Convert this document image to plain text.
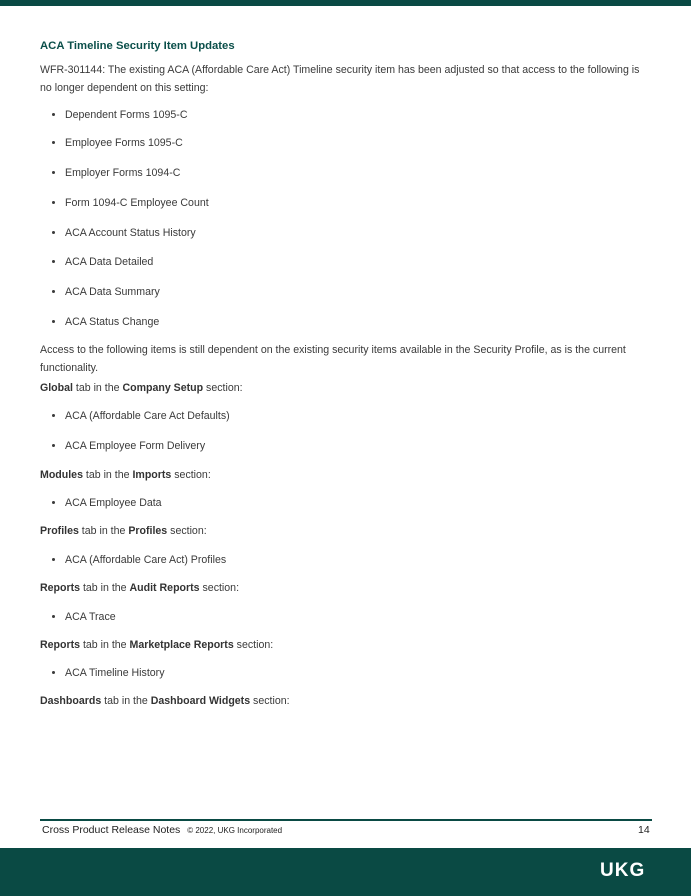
ACA Timeline Security Item Updates
WFR-301144: The existing ACA (Affordable Care Act) Timeline security item has been adjusted so that access to the following is no longer dependent on this setting:
Dependent Forms 1095-C
Employee Forms 1095-C
Employer Forms 1094-C
Form 1094-C Employee Count
ACA Account Status History
ACA Data Detailed
ACA Data Summary
ACA Status Change
Access to the following items is still dependent on the existing security items available in the Security Profile, as is the current functionality.
Global tab in the Company Setup section:
ACA (Affordable Care Act Defaults)
ACA Employee Form Delivery
Modules tab in the Imports section:
ACA Employee Data
Profiles tab in the Profiles section:
ACA (Affordable Care Act) Profiles
Reports tab in the Audit Reports section:
ACA Trace
Reports tab in the Marketplace Reports section:
ACA Timeline History
Dashboards tab in the Dashboard Widgets section:
Cross Product Release Notes © 2022, UKG Incorporated	14
UKG
